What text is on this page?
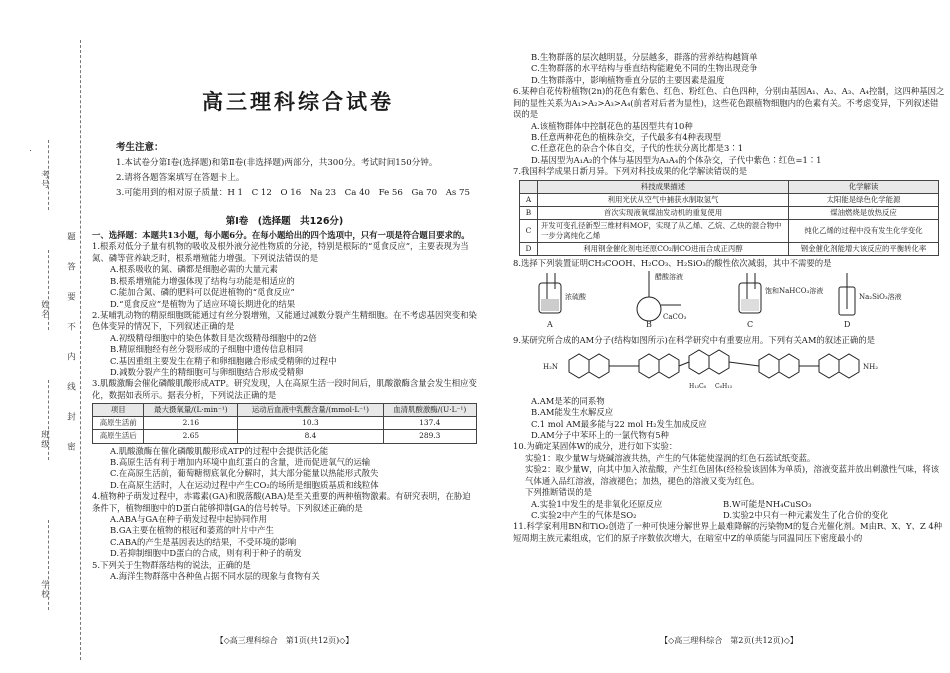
考号
姓名
班级
学校
题
答
要
不
内
线
封
密
高三理科综合试卷
考生注意：
1.本试卷分第Ⅰ卷(选择题)和第Ⅱ卷(非选择题)两部分，共300分。考试时间150分钟。
2.请将各题答案填写在答题卡上。
3.可能用到的相对原子质量：H 1　C 12　O 16　Na 23　Ca 40　Fe 56　Ga 70　As 75
第Ⅰ卷　(选择题　共126分)
一、选择题：本题共13小题，每小题6分。在每小题给出的四个选项中，只有一项是符合题目要求的。
1.根系对低分子量有机物的吸收及根外液分泌性物质的分泌，特别是根际的“觅食反应”，主要表现为当氮、磷等营养缺乏时，根系增殖能力增强。下列说法错误的是
A.根系吸收的氮、磷都是细胞必需的大量元素
B.根系增殖能力增强体现了结构与功能是相适应的
C.能加合氮、磷的肥料可以促进植物的“觅食反应”
D.“觅食反应”是植物为了适应环境长期进化的结果
2.某哺乳动物的精原细胞既能通过有丝分裂增殖，又能通过减数分裂产生精细胞。在不考虑基因突变和染色体变异的情况下，下列叙述正确的是
A.初级精母细胞中的染色体数目是次级精母细胞中的2倍
B.精原细胞经有丝分裂形成的子细胞中遗传信息相同
C.基因重组主要发生在精子和卵细胞融合形成受精卵的过程中
D.减数分裂产生的精细胞可与卵细胞结合形成受精卵
3.肌酸激酶会催化磷酸肌酸形成ATP。研究发现，人在高原生活一段时间后，肌酸激酶含量会发生相应变化，数据如表所示。据表分析，下列说法正确的是
项目	最大摄氧量/(L·min⁻¹)	运动后血液中乳酸含量/(mmol·L⁻¹)	血清肌酸激酶/(U·L⁻¹)
高原生活前	2.16	10.3	137.4
高原生活后	2.65	8.4	289.3
A.肌酸激酶在催化磷酸肌酸形成ATP的过程中会提供活化能
B.高原生活有利于增加内环境中血红蛋白的含量，进而促进氧气的运输
C.在高原生活前，葡萄糖彻底氧化分解时，其大部分能量以热能形式散失
D.在高原生活时，人在运动过程中产生CO₂的场所是细胞质基质和线粒体
4.植物种子萌发过程中，赤霉素(GA)和脱落酸(ABA)是至关重要的两种植物激素。有研究表明，在胁迫条件下，植物细胞中的D蛋白能够抑制GA的信号转导。下列叙述正确的是
A.ABA与GA在种子萌发过程中起协同作用
B.GA主要在植物的根冠和萎蔫的叶片中产生
C.ABA的产生是基因表达的结果，不受环境的影响
D.若抑制细胞中D蛋白的合成，则有利于种子的萌发
5.下列关于生物群落结构的说法，正确的是
A.海洋生物群落中各种鱼占据不同水层的现象与食物有关
【◇高三理科综合　第1页(共12页)◇】
B.生物群落的层次越明显，分层越多，群落的营养结构越简单
C.生物群落的水平结构与垂直结构能避免不同的生物出现竞争
D.生物群落中，影响植物垂直分层的主要因素是温度
6.某种自花传粉植物(2n)的花色有紫色、红色、粉红色、白色四种，分别由基因A₁、A₂、A₃、A₄控制，这四种基因之间的显性关系为A₁>A₂>A₃>A₄(前者对后者为显性)，这些花色跟植物细胞内的色素有关。不考虑变异，下列叙述错误的是
A.该植物群体中控制花色的基因型共有10种
B.任意两种花色的植株杂交，子代最多有4种表现型
C.任意花色的杂合个体自交，子代的性状分离比都是3∶1
D.基因型为A₁A₂的个体与基因型为A₃A₄的个体杂交，子代中紫色∶红色=1∶1
7.我国科学成果日新月异。下列对科技成果的化学解读错误的是
	科技成果描述	化学解读
A	利用光伏从空气中捕获水制取氢气	太阳能是绿色化学能源
B	首次实现液氧煤油发动机的重复使用	煤油燃烧是放热反应
C	开发可变孔径新型三维材料MOF，实现了从乙烯、乙烷、乙炔的混合物中一步分离纯化乙烯	纯化乙烯的过程中没有发生化学变化
D	利用钢金催化剂电还原CO₂制CO进而合成正丙醇	钢金催化剂能增大该反应的平衡转化率
8.选择下列装置证明CH₃COOH、H₂CO₃、H₂SiO₃的酸性依次减弱，其中不需要的是
浓硫酸
醋酸溶液
CaCO₃
饱和NaHCO₃溶液
Na₂SiO₃溶液
A	B	C	D
9.某研究所合成的AM分子(结构如图所示)在科学研究中有重要应用。下列有关AM的叙述正确的是
H₂N	NH₂
H₁₃C₆ C₆H₁₃
A.AM是苯的同系物
B.AM能发生水解反应
C.1 mol AM最多能与22 mol H₂发生加成反应
D.AM分子中苯环上的一氯代物有5种
10.为确定某固体W的成分，进行如下实验：
实验1：取少量W与烧碱溶液共热，产生的气体能使湿润的红色石蕊试纸变蓝。
实验2：取少量W，向其中加入浓盐酸，产生红色固体(经检验该固体为单质)，溶液变蓝并放出刺激性气味，将该气体通入品红溶液，溶液褪色；加热，褪色的溶液又变为红色。
下列推断错误的是
A.实验1中发生的是非氧化还原反应	B.W可能是NH₄CuSO₃
C.实验2中产生的气体是SO₂	D.实验2中只有一种元素发生了化合价的变化
11.科学家利用BN和TiO₂创造了一种可快速分解世界上最难降解的污染物M的复合光催化剂。M由R、X、Y、Z 4种短周期主族元素组成，它们的原子序数依次增大，在暗室中Z的单质能与同温同压下密度最小的
【◇高三理科综合　第2页(共12页)◇】
